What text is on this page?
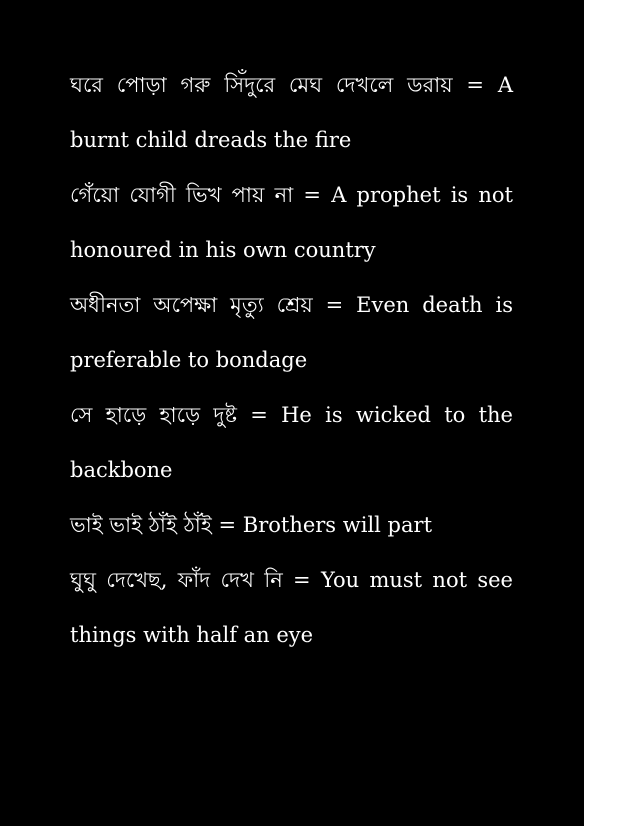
ঘরে পোড়া গরু সিঁদুরে মেঘ দেখলে ডরায় = A burnt child dreads the fire

গেঁয়ো যোগী ভিখ পায় না = A prophet is not honoured in his own country

অধীনতা অপেক্ষা মৃত্যু শ্রেয় = Even death is preferable to bondage

সে হাড়ে হাড়ে দুষ্ট = He is wicked to the backbone

ভাই ভাই ঠাঁই ঠাঁই = Brothers will part

ঘুঘু দেখেছ, ফাঁদ দেখ নি = You must not see things with half an eye
